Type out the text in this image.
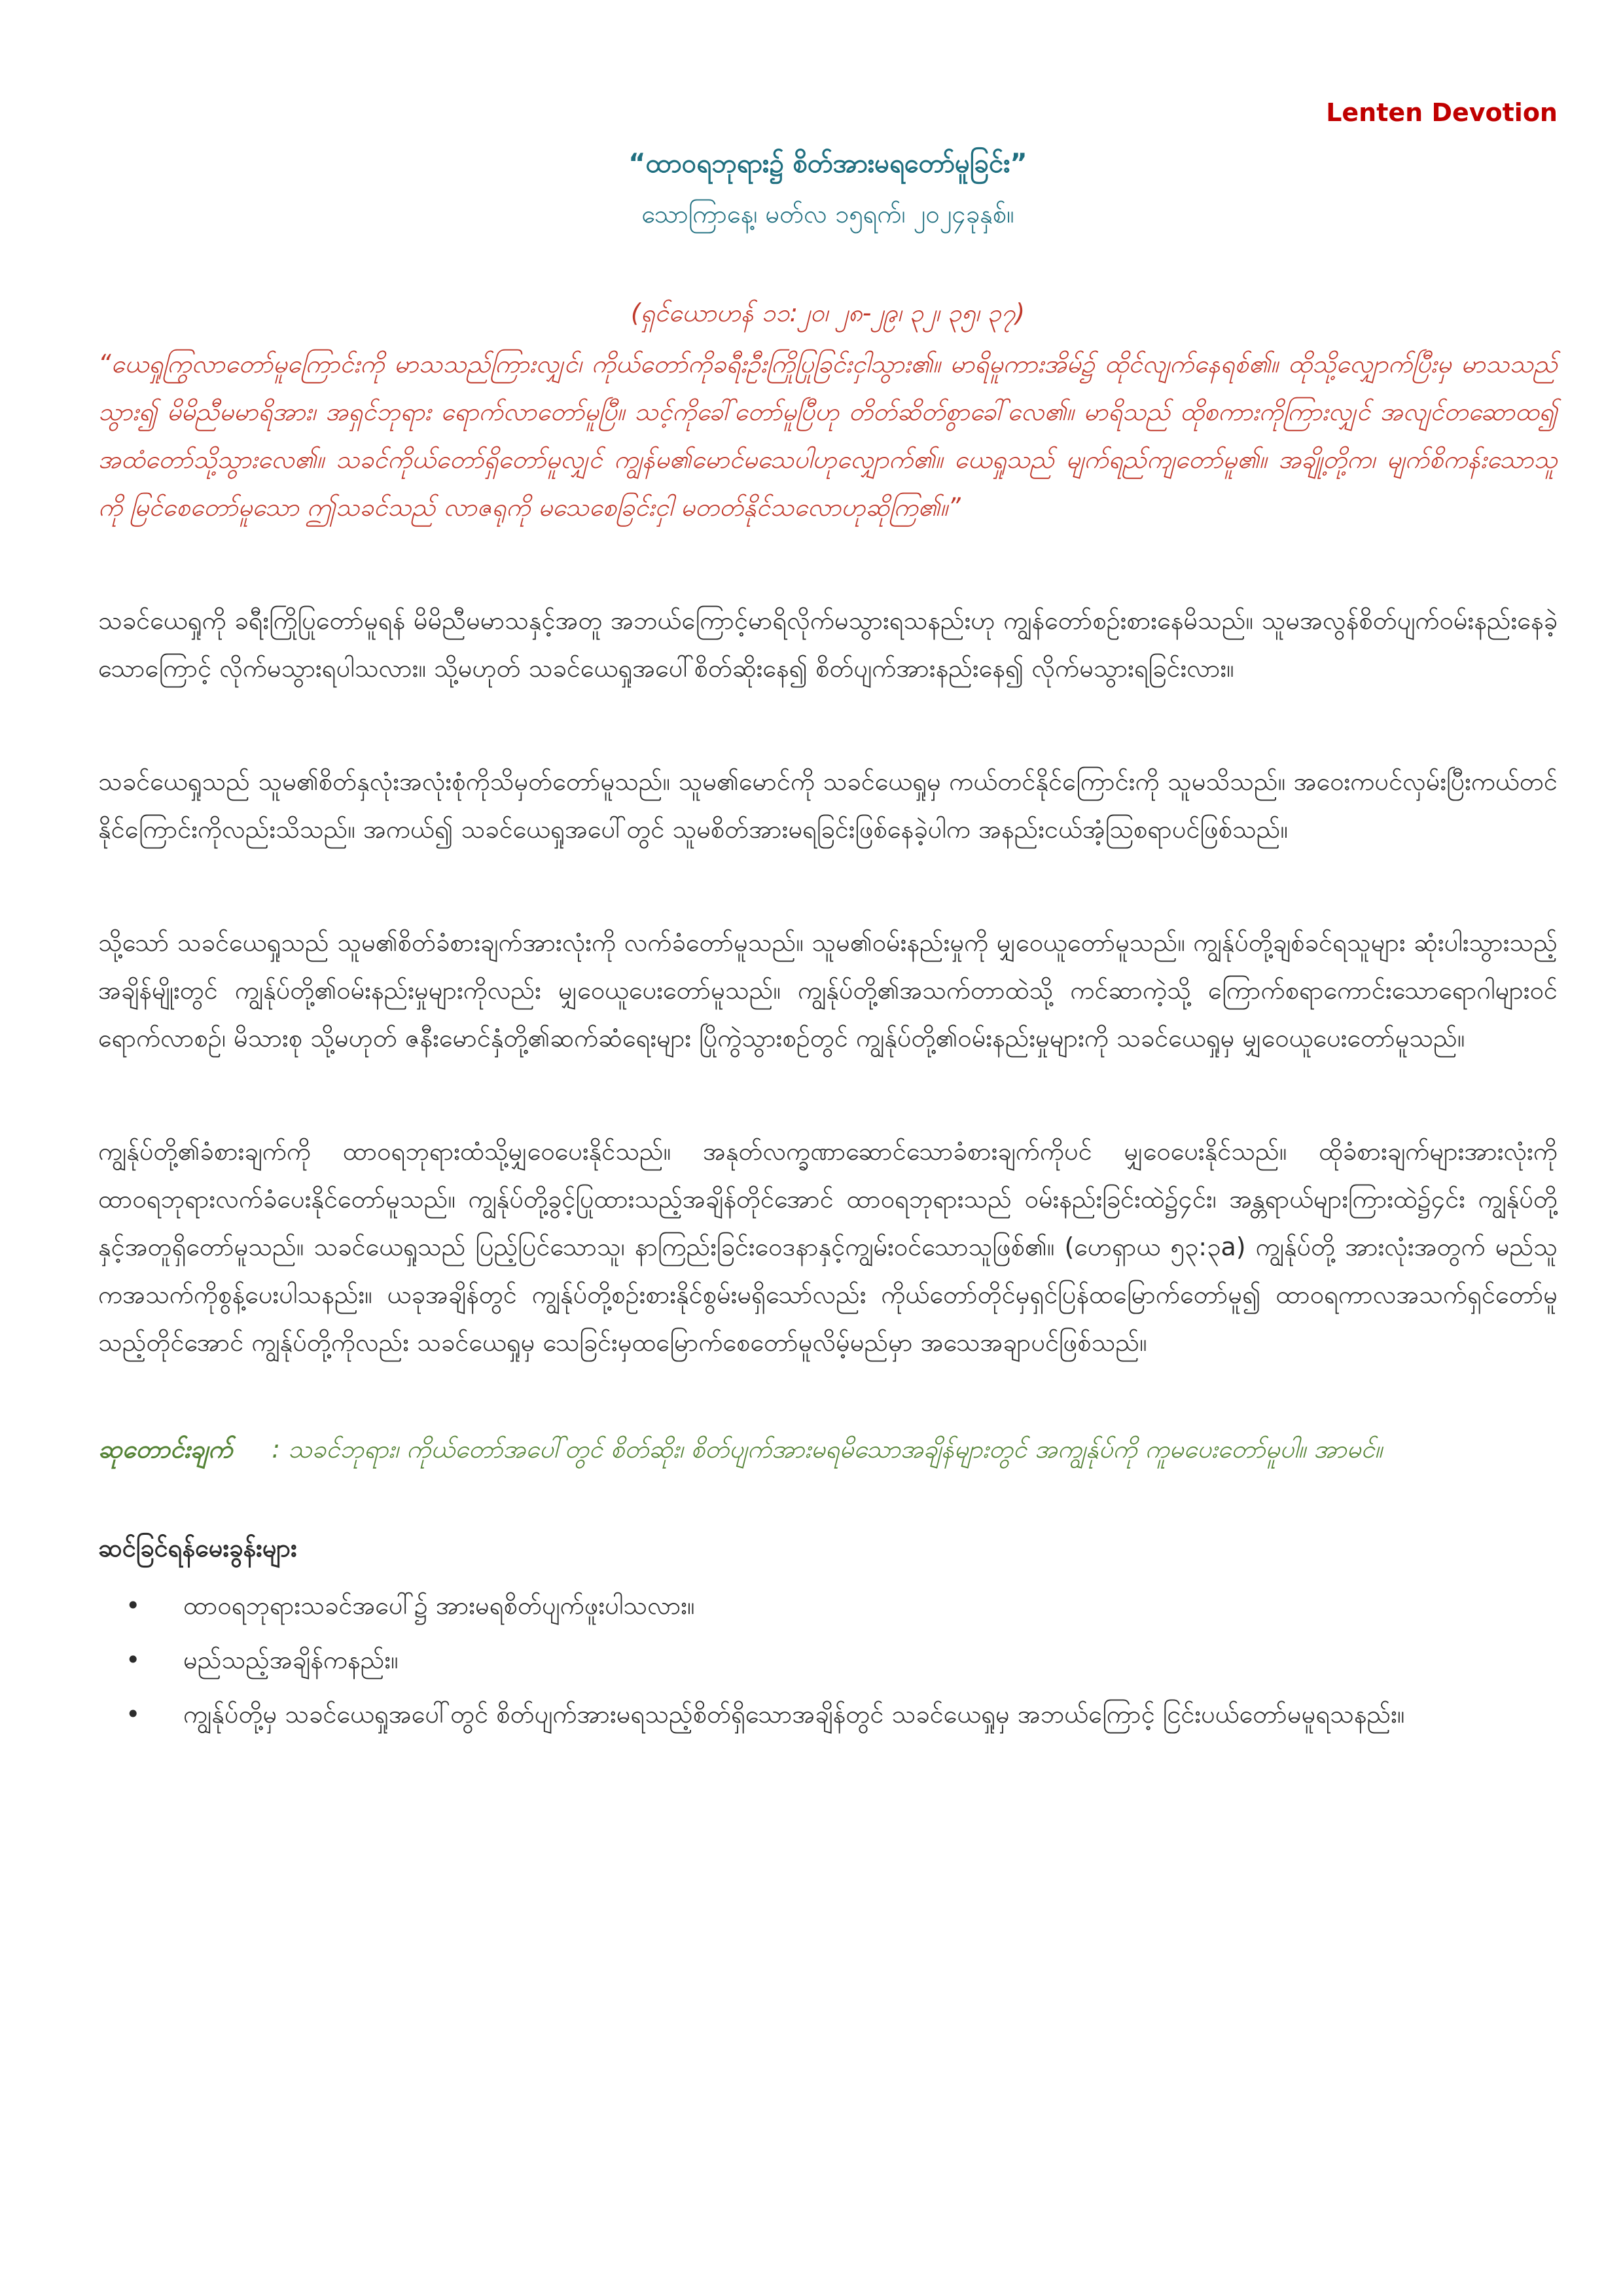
Lenten Devotion
“ထာဝရဘုရား၌ စိတ်အားမရတော်မူခြင်း”
သောကြာနေ့၊ မတ်လ ၁၅ရက်၊ ၂၀၂၄ခုနှစ်။
(ရှင်ယောဟန် ၁၁:၂၀၊ ၂၈-၂၉၊ ၃၂၊ ၃၅၊ ၃၇)

“ယေရှုကြွလာတော်မူကြောင်းကို မာသသည်ကြားလျှင်၊ ကိုယ်တော်ကိုခရီးဦးကြိုပြုခြင်းငှါသွား၏။ မာရိမူကားအိမ်၌ ထိုင်လျက်နေရစ်၏။ ထိုသို့လျှောက်ပြီးမှ မာသသည်သွား၍ မိမိညီမမာရိအား၊ အရှင်ဘုရား ရောက်လာတော်မူပြီ။ သင့်ကိုခေါ်တော်မူပြီဟု တိတ်ဆိတ်စွာခေါ်လေ၏။ မာရိသည် ထိုစကားကိုကြားလျှင် အလျင်တဆောထ၍ အထံတော်သို့သွားလေ၏။ သခင်ကိုယ်တော်ရှိတော်မူလျှင် ကျွန်မ၏မောင်မသေပါဟုလျှောက်၏။ ယေရှုသည် မျက်ရည်ကျတော်မူ၏။ အချို့တို့က၊ မျက်စိကန်းသောသူကို မြင်စေတော်မူသော ဤသခင်သည် လာဇရုကို မသေစေခြင်းငှါ မတတ်နိုင်သလောဟုဆိုကြ၏။”

သခင်ယေရှုကို ခရီးကြိုပြုတော်မူရန် မိမိညီမမာသနှင့်အတူ အဘယ်ကြောင့်မာရိလိုက်မသွားရသနည်းဟု ကျွန်တော်စဉ်းစားနေမိသည်။ သူမအလွန်စိတ်ပျက်ဝမ်းနည်းနေခဲ့သောကြောင့် လိုက်မသွားရပါသလား။ သို့မဟုတ် သခင်ယေရှုအပေါ်စိတ်ဆိုးနေ၍ စိတ်ပျက်အားနည်းနေ၍ လိုက်မသွားရခြင်းလား။

သခင်ယေရှုသည် သူမ၏စိတ်နှလုံးအလုံးစုံကိုသိမှတ်တော်မူသည်။ သူမ၏မောင်ကို သခင်ယေရှုမှ ကယ်တင်နိုင်ကြောင်းကို သူမသိသည်။ အဝေးကပင်လှမ်းပြီးကယ်တင်နိုင်ကြောင်းကိုလည်းသိသည်။ အကယ်၍ သခင်ယေရှုအပေါ်တွင် သူမစိတ်အားမရခြင်းဖြစ်နေခဲ့ပါက အနည်းငယ်အံ့သြစရာပင်ဖြစ်သည်။

သို့သော် သခင်ယေရှုသည် သူမ၏စိတ်ခံစားချက်အားလုံးကို လက်ခံတော်မူသည်။ သူမ၏ဝမ်းနည်းမှုကို မျှဝေယူတော်မူသည်။ ကျွန်ုပ်တို့ချစ်ခင်ရသူများ ဆုံးပါးသွားသည့်အချိန်မျိုးတွင် ကျွန်ုပ်တို့၏ဝမ်းနည်းမှုများကိုလည်း မျှဝေယူပေးတော်မူသည်။ ကျွန်ုပ်တို့၏အသက်တာထဲသို့ ကင်ဆာကဲ့သို့ ကြောက်စရာကောင်းသောရောဂါများဝင်ရောက်လာစဉ်၊ မိသားစု သို့မဟုတ် ဇနီးမောင်နှံတို့၏ဆက်ဆံရေးများ ပြိုကွဲသွားစဉ်တွင် ကျွန်ုပ်တို့၏ဝမ်းနည်းမှုများကို သခင်ယေရှုမှ မျှဝေယူပေးတော်မူသည်။

ကျွန်ုပ်တို့၏ခံစားချက်ကို ထာဝရဘုရားထံသို့မျှဝေပေးနိုင်သည်။ အနုတ်လက္ခဏာဆောင်သောခံစားချက်ကိုပင် မျှဝေပေးနိုင်သည်။ ထိုခံစားချက်များအားလုံးကို ထာဝရဘုရားလက်ခံပေးနိုင်တော်မူသည်။ ကျွန်ုပ်တို့ခွင့်ပြုထားသည့်အချိန်တိုင်အောင် ထာဝရဘုရားသည် ဝမ်းနည်းခြင်းထဲ၌၄င်း၊ အန္တရာယ်များကြားထဲ၌၄င်း ကျွန်ုပ်တို့နှင့်အတူရှိတော်မူသည်။ သခင်ယေရှုသည် ပြည့်ပြင်သောသူ၊ နာကြည်းခြင်းဝေဒနာနှင့်ကျွမ်းဝင်သောသူဖြစ်၏။ (ဟေရှာယ ၅၃:၃a) ကျွန်ုပ်တို့ အားလုံးအတွက် မည်သူကအသက်ကိုစွန့်ပေးပါသနည်း။ ယခုအချိန်တွင် ကျွန်ုပ်တို့စဉ်းစားနိုင်စွမ်းမရှိသော်လည်း ကိုယ်တော်တိုင်မှရှင်ပြန်ထမြောက်တော်မူ၍ ထာဝရကာလအသက်ရှင်တော်မူသည့်တိုင်အောင် ကျွန်ုပ်တို့ကိုလည်း သခင်ယေရှုမှ သေခြင်းမှထမြောက်စေတော်မူလိမ့်မည်မှာ အသေအချာပင်ဖြစ်သည်။

ဆုတောင်းချက် : သခင်ဘုရား၊ ကိုယ်တော်အပေါ်တွင် စိတ်ဆိုး၊ စိတ်ပျက်အားမရမိသောအချိန်များတွင် အကျွန်ုပ်ကို ကူမပေးတော်မူပါ။ အာမင်။
ဆင်ခြင်ရန်မေးခွန်းများ
• ထာဝရဘုရားသခင်အပေါ်၌ အားမရစိတ်ပျက်ဖူးပါသလား။
• မည်သည့်အချိန်ကနည်း။
• ကျွန်ုပ်တို့မှ သခင်ယေရှုအပေါ်တွင် စိတ်ပျက်အားမရသည့်စိတ်ရှိသောအချိန်တွင် သခင်ယေရှုမှ အဘယ်ကြောင့် ငြင်းပယ်တော်မမူရသနည်း။
